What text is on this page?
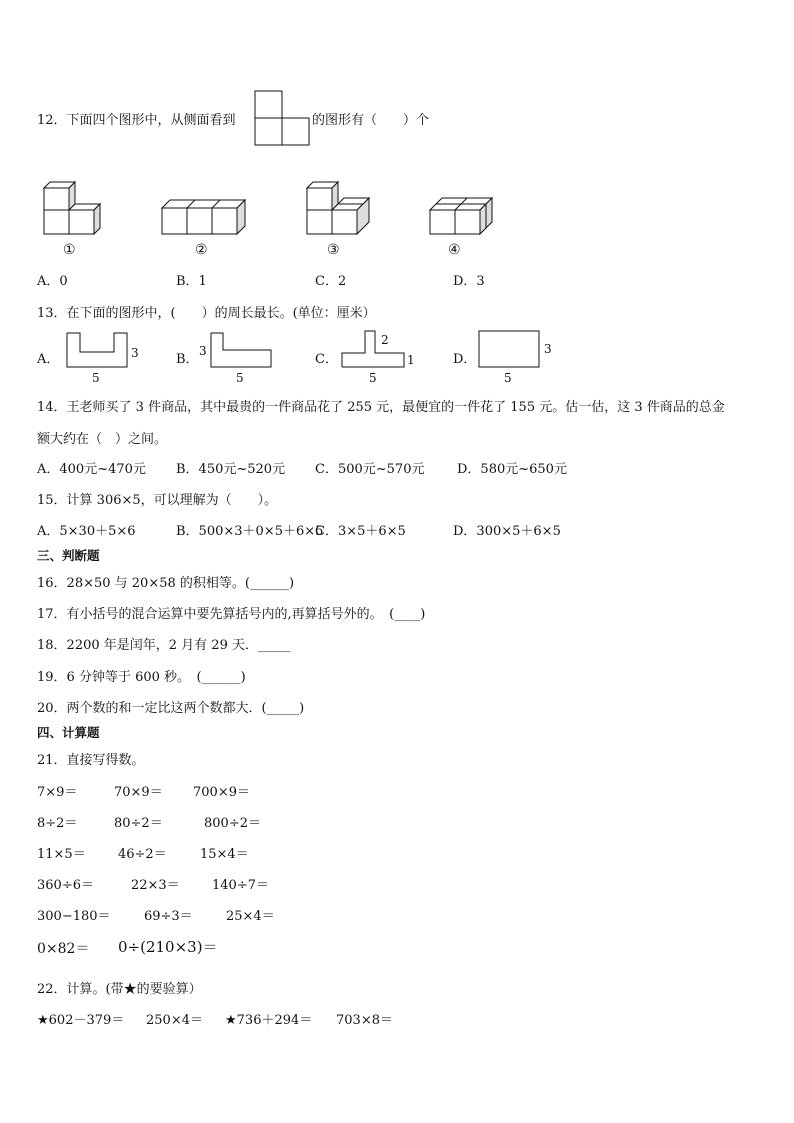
12．下面四个图形中，从侧面看到	的图形有（　　）个
①	②	③	④
A．0	B．1	C．2	D．3
13．在下面的图形中，(　　）的周长最长。(单位：厘米）
A．	3
5
B．
3
5
C．
2
1
5
D．
3
5
14．王老师买了 3 件商品，其中最贵的一件商品花了 255 元，最便宜的一件花了 155 元。估一估，这 3 件商品的总金
额大约在（　）之间。
A．400元~470元 B．450元~520元 C．500元~570元	D．580元~650元
15．计算 306×5，可以理解为（　　）。
A．5×30＋5×6	B．500×3＋0×5＋6×5
C．3×5＋6×5	D．300×5＋6×5
三、判断题
16．28×50 与 20×58 的积相等。(______)
17．有小括号的混合运算中要先算括号内的,再算括号外的。　(____)
18．2200 年是闰年，2 月有 29 天．_____
19．6 分钟等于 600 秒。　(______)
20．两个数的和一定比这两个数都大．(_____)
四、计算题
21．直接写得数。
7×9＝	70×9＝ 700×9＝
8÷2＝	80÷2＝	800÷2＝
11×5＝ 46÷2＝	15×4＝
360÷6＝	22×3＝ 140÷7＝
300−180＝	69÷3＝	25×4＝
0×82＝ 0÷(210×3)＝
22．计算。(带★的要验算）
★602－379＝ 250×4＝ ★736＋294＝ 703×8＝
